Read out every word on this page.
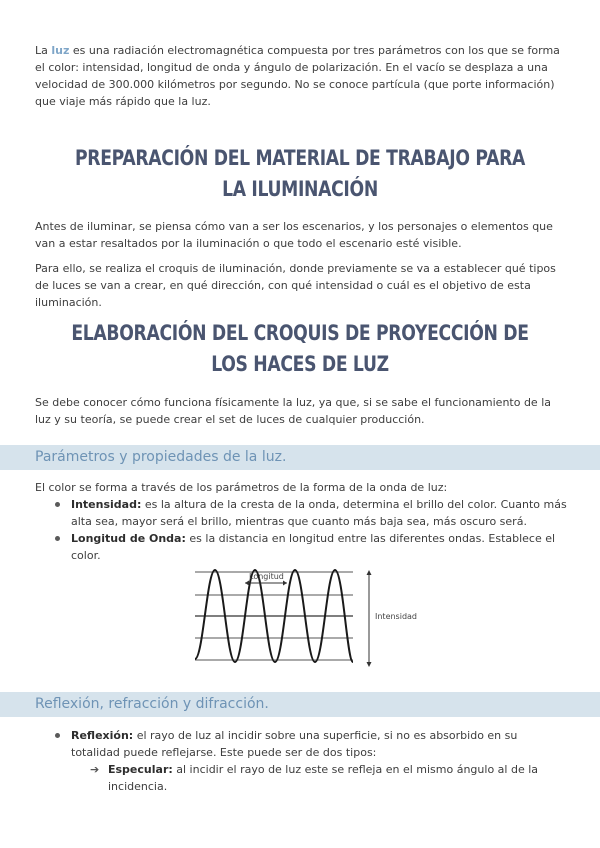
La luz es una radiación electromagnética compuesta por tres parámetros con los que se forma el color: intensidad, longitud de onda y ángulo de polarización. En el vacío se desplaza a una velocidad de 300.000 kilómetros por segundo. No se conoce partícula (que porte información) que viaje más rápido que la luz.

PREPARACIÓN DEL MATERIAL DE TRABAJO PARA LA ILUMINACIÓN

Antes de iluminar, se piensa cómo van a ser los escenarios, y los personajes o elementos que van a estar resaltados por la iluminación o que todo el escenario esté visible.

Para ello, se realiza el croquis de iluminación, donde previamente se va a establecer qué tipos de luces se van a crear, en qué dirección, con qué intensidad o cuál es el objetivo de esta iluminación.

ELABORACIÓN DEL CROQUIS DE PROYECCIÓN DE LOS HACES DE LUZ

Se debe conocer cómo funciona físicamente la luz, ya que, si se sabe el funcionamiento de la luz y su teoría, se puede crear el set de luces de cualquier producción.

Parámetros y propiedades de la luz.

El color se forma a través de los parámetros de la forma de la onda de luz:

Intensidad: es la altura de la cresta de la onda, determina el brillo del color. Cuanto más alta sea, mayor será el brillo, mientras que cuanto más baja sea, más oscuro será.
Longitud de Onda: es la distancia en longitud entre las diferentes ondas. Establece el color.
Longitud
Intensidad
Reflexión, refracción y difracción.
Reflexión: el rayo de luz al incidir sobre una superficie, si no es absorbido en su totalidad puede reflejarse. Este puede ser de dos tipos:
➔ Especular: al incidir el rayo de luz este se refleja en el mismo ángulo al de la incidencia.
